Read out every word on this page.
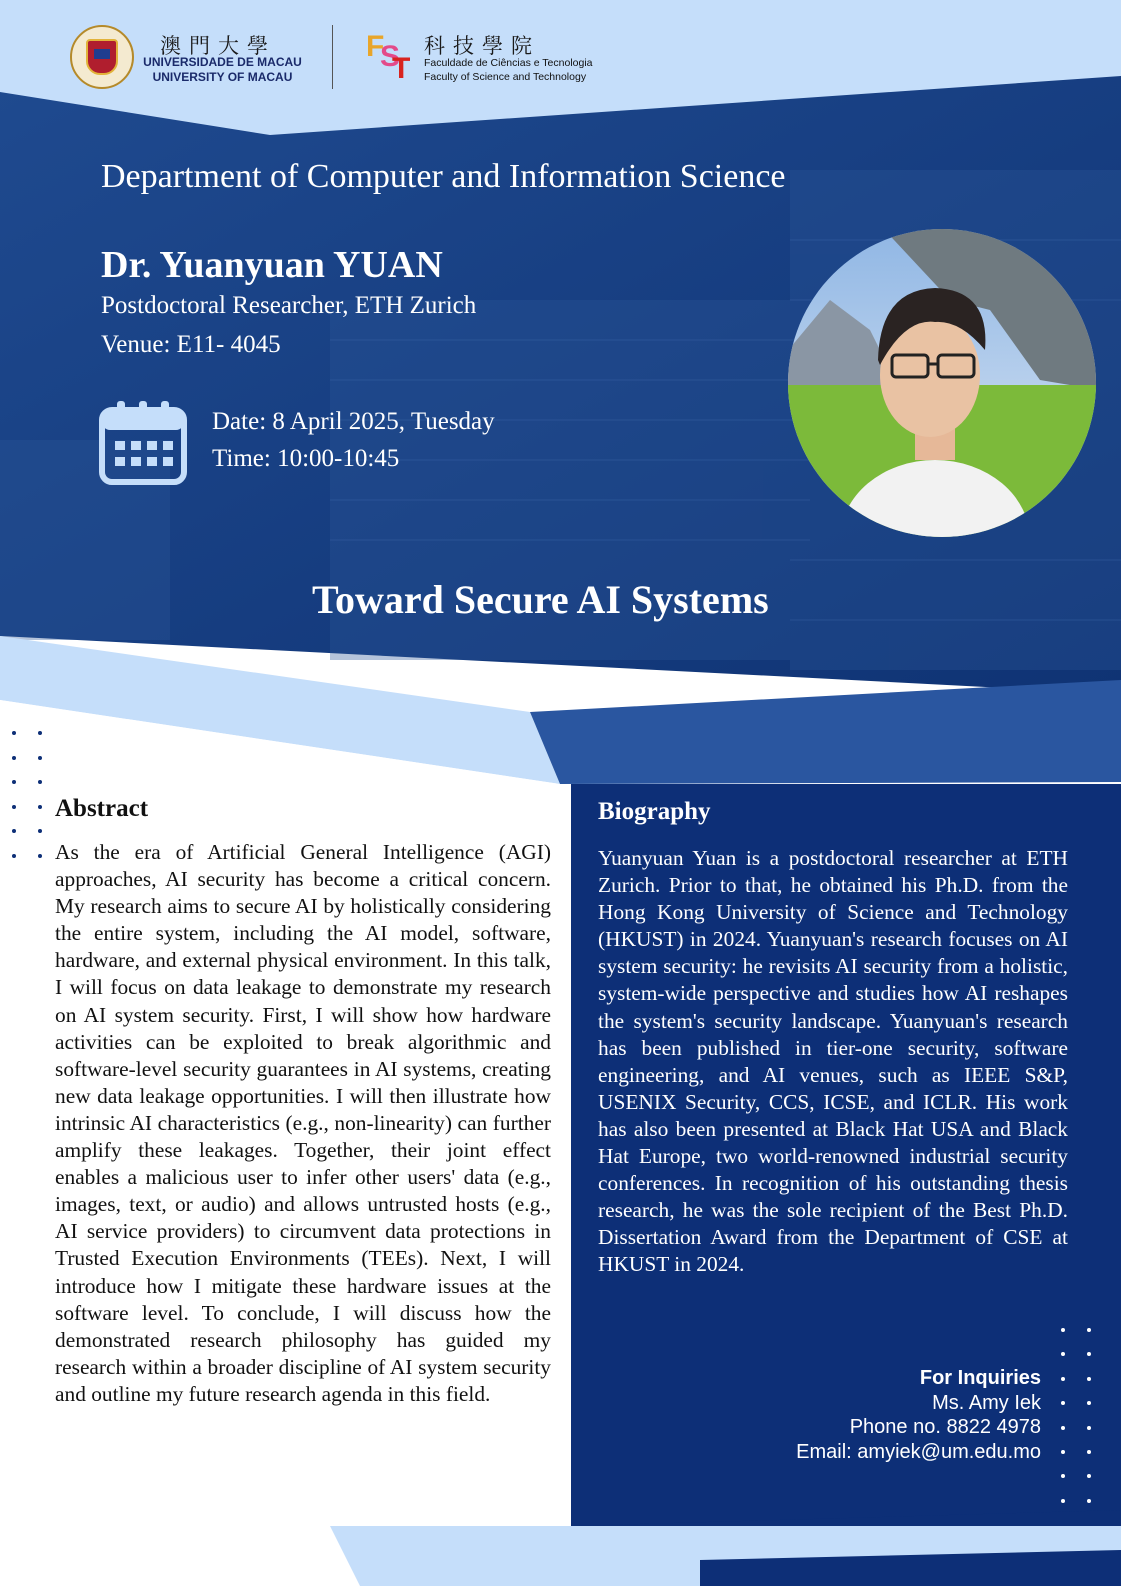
澳門大學
UNIVERSIDADE DE MACAU
UNIVERSITY OF MACAU
F
S
T
科技學院
Faculdade de Ciências e Tecnologia
Faculty of Science and Technology
Department of Computer and Information Science
Dr. Yuanyuan YUAN
Postdoctoral Researcher, ETH Zurich
Venue: E11- 4045
Date: 8 April 2025, Tuesday
Time: 10:00-10:45
Toward Secure AI Systems
Abstract
As the era of Artificial General Intelligence (AGI) approaches, AI security has become a critical concern. My research aims to secure AI by holistically considering the entire system, including the AI model, software, hardware, and external physical environment. In this talk, I will focus on data leakage to demonstrate my research on AI system security. First, I will show how hardware activities can be exploited to break algorithmic and software-level security guarantees in AI systems, creating new data leakage opportunities. I will then illustrate how intrinsic AI characteristics (e.g., non-linearity) can further amplify these leakages. Together, their joint effect enables a malicious user to infer other users' data (e.g., images, text, or audio) and allows untrusted hosts (e.g., AI service providers) to circumvent data protections in Trusted Execution Environments (TEEs). Next, I will introduce how I mitigate these hardware issues at the software level. To conclude, I will discuss how the demonstrated research philosophy has guided my research within a broader discipline of AI system security and outline my future research agenda in this field.
Biography
Yuanyuan Yuan is a postdoctoral researcher at ETH Zurich. Prior to that, he obtained his Ph.D. from the Hong Kong University of Science and Technology (HKUST) in 2024. Yuanyuan's research focuses on AI system security: he revisits AI security from a holistic, system-wide perspective and studies how AI reshapes the system's security landscape. Yuanyuan's research has been published in tier-one security, software engineering, and AI venues, such as IEEE S&P, USENIX Security, CCS, ICSE, and ICLR. His work has also been presented at Black Hat USA and Black Hat Europe, two world-renowned industrial security conferences. In recognition of his outstanding thesis research, he was the sole recipient of the Best Ph.D. Dissertation Award from the Department of CSE at HKUST in 2024.
For Inquiries
Ms. Amy Iek
Phone no. 8822 4978
Email: amyiek@um.edu.mo
